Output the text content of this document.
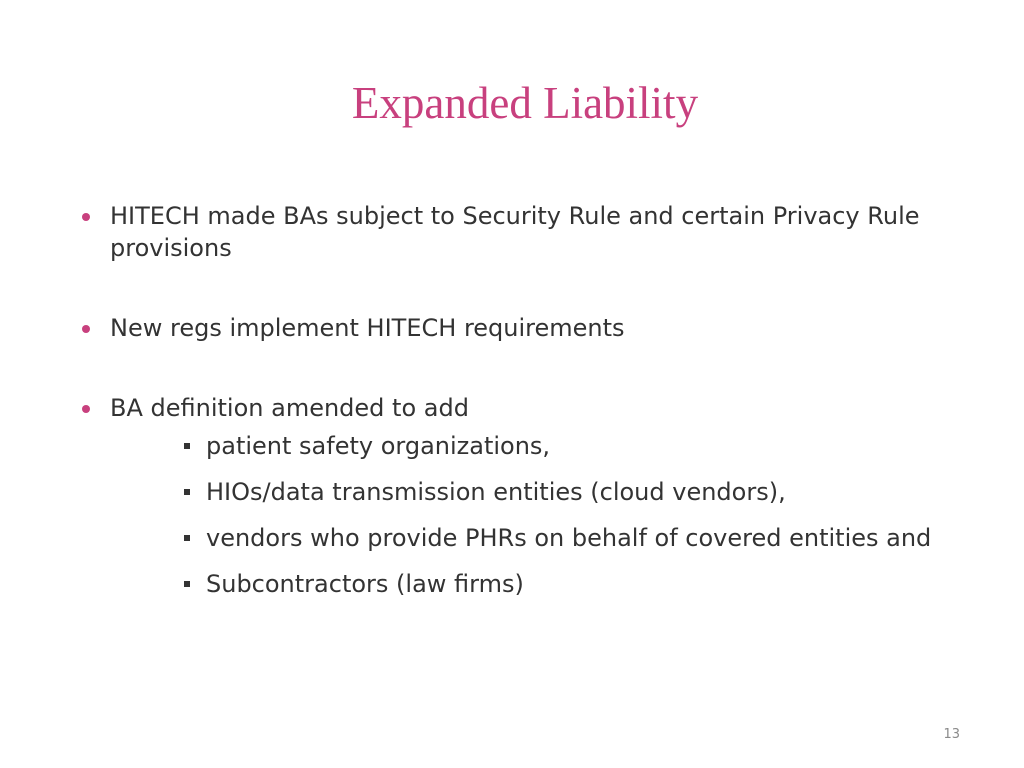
Expanded Liability
HITECH made BAs subject to Security Rule and certain Privacy Rule provisions
New regs implement HITECH requirements
BA definition amended to add
patient safety organizations,
HIOs/data transmission entities (cloud vendors),
vendors who provide PHRs on behalf of covered entities and
Subcontractors (law firms)
13
